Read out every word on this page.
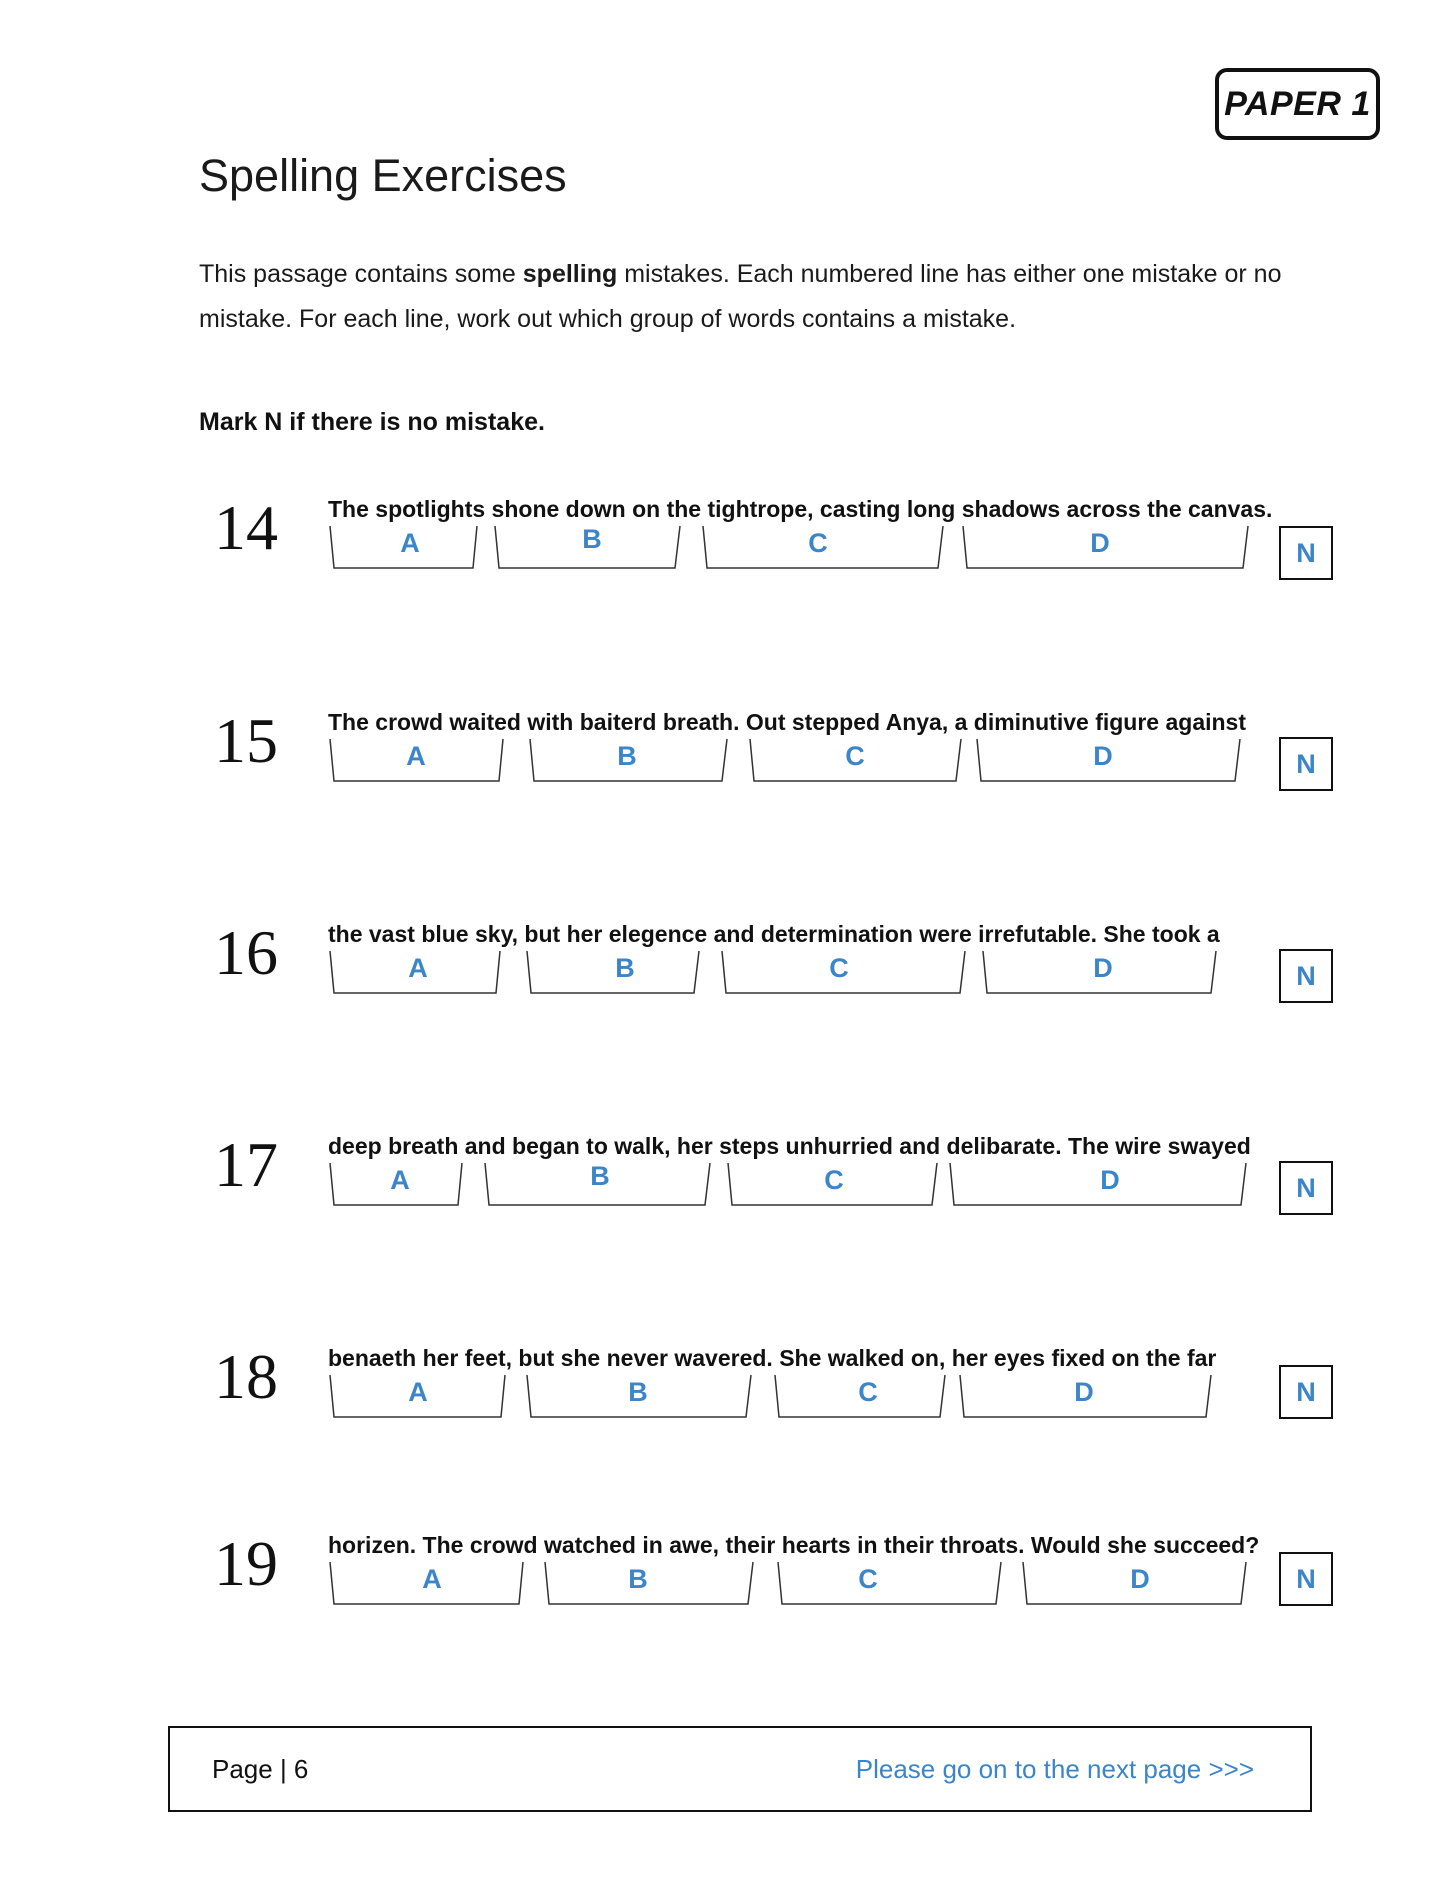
PAPER 1
Spelling Exercises
This passage contains some spelling mistakes. Each numbered line has either one mistake or no mistake. For each line, work out which group of words contains a mistake.
Mark N if there is no mistake.
14 The spotlights shone down on the tightrope, casting long shadows across the canvas.
A	B	C	D	N
15 The crowd waited with baiterd breath. Out stepped Anya, a diminutive figure against
A	B	C	D	N
16 the vast blue sky, but her elegence and determination were irrefutable. She took a
A	B	C	D	N
17 deep breath and began to walk, her steps unhurried and delibarate. The wire swayed
A	B	C	D	N
18 benaeth her feet, but she never wavered. She walked on, her eyes fixed on the far
A	B	C	D	N
19 horizen. The crowd watched in awe, their hearts in their throats. Would she succeed?
A	B	C	D	N
Page | 6	Please go on to the next page >>>
